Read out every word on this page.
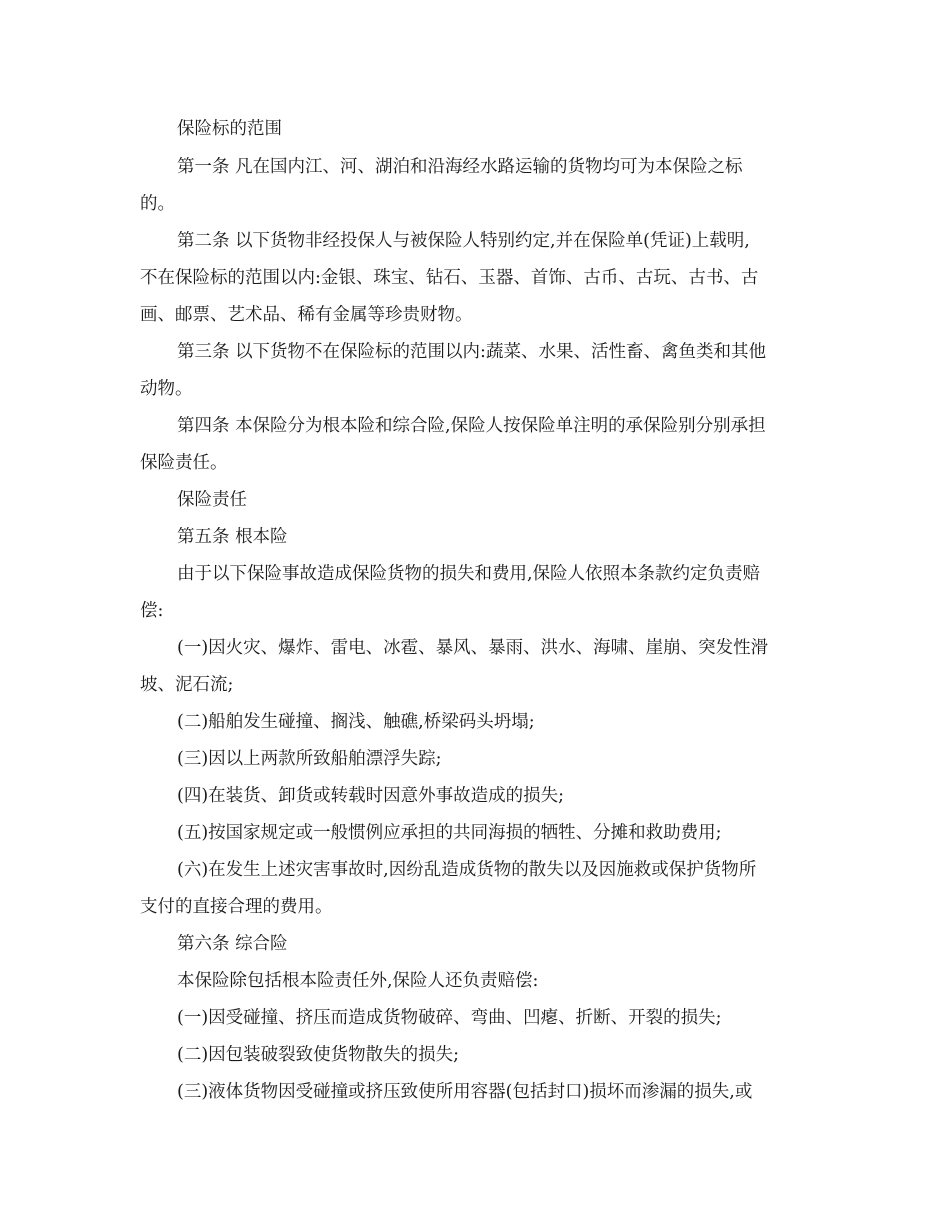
保险标的范围
第一条 凡在国内江、河、湖泊和沿海经水路运输的货物均可为本保险之标
的。
第二条 以下货物非经投保人与被保险人特别约定,并在保险单(凭证)上载明,
不在保险标的范围以内:金银、珠宝、钻石、玉器、首饰、古币、古玩、古书、古
画、邮票、艺术品、稀有金属等珍贵财物。
第三条 以下货物不在保险标的范围以内:蔬菜、水果、活性畜、禽鱼类和其他
动物。
第四条 本保险分为根本险和综合险,保险人按保险单注明的承保险别分别承担
保险责任。
保险责任
第五条 根本险
由于以下保险事故造成保险货物的损失和费用,保险人依照本条款约定负责赔
偿:
(一)因火灾、爆炸、雷电、冰雹、暴风、暴雨、洪水、海啸、崖崩、突发性滑
坡、泥石流;
(二)船舶发生碰撞、搁浅、触礁,桥梁码头坍塌;
(三)因以上两款所致船舶漂浮失踪;
(四)在装货、卸货或转载时因意外事故造成的损失;
(五)按国家规定或一般惯例应承担的共同海损的牺牲、分摊和救助费用;
(六)在发生上述灾害事故时,因纷乱造成货物的散失以及因施救或保护货物所
支付的直接合理的费用。
第六条 综合险
本保险除包括根本险责任外,保险人还负责赔偿:
(一)因受碰撞、挤压而造成货物破碎、弯曲、凹瘪、折断、开裂的损失;
(二)因包装破裂致使货物散失的损失;
(三)液体货物因受碰撞或挤压致使所用容器(包括封口)损坏而渗漏的损失,或
